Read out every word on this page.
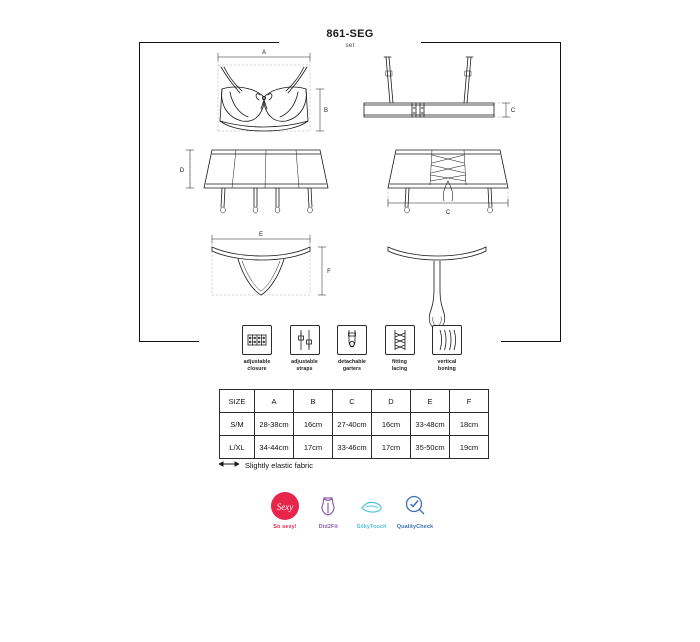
861-SEG
set
A
B	C
D
C
E
F
adjustable
closure
adjustable
straps
detachable
garters
fitting
lacing
vertical
boning
SIZE	A	B	C	D	E	F
S/M	28-38cm	16cm	27-40cm	16cm	33-48cm	18cm
L/XL	34-44cm	17cm	33-46cm	17cm	35-50cm	19cm
Slightly elastic fabric
Sexy
So sexy!	Did2Fit	SilkyTouch	QualityCheck
